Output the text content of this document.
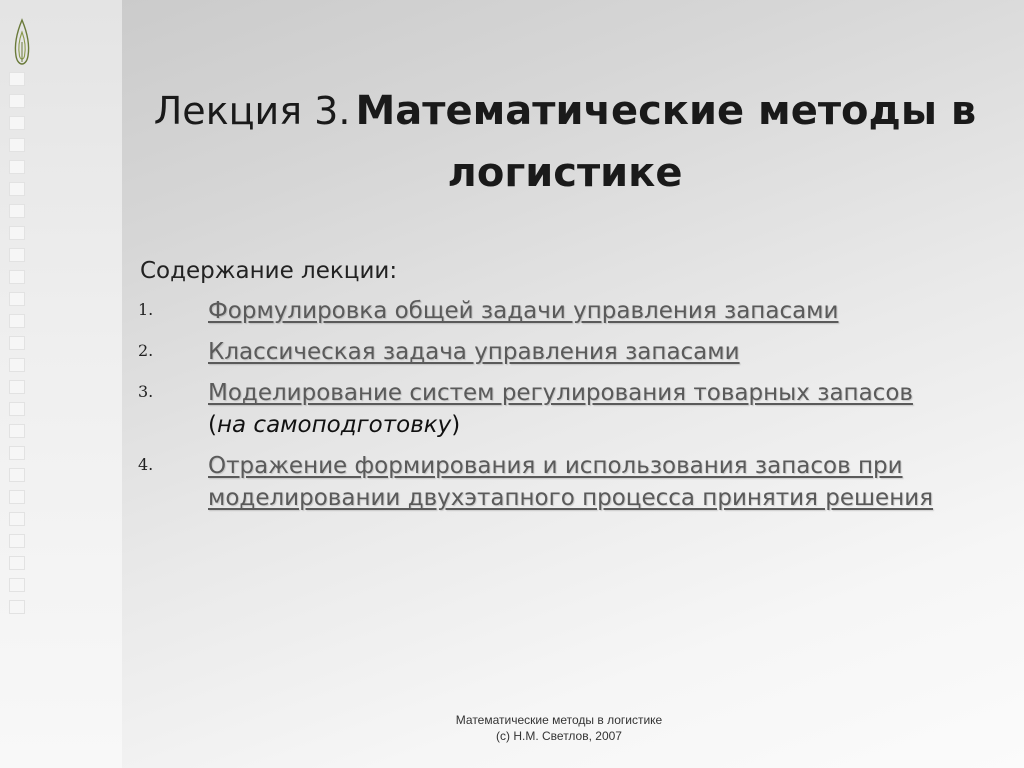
Лекция 3. Математические методы в логистике
Содержание лекции:
1.	Формулировка общей задачи управления запасами
2.	Классическая задача управления запасами
3.	Моделирование систем регулирования товарных запасов
(на самоподготовку)
4.	Отражение формирования и использования запасов при моделировании двухэтапного процесса принятия решения
Математические методы в логистике
(с) Н.М. Светлов, 2007
